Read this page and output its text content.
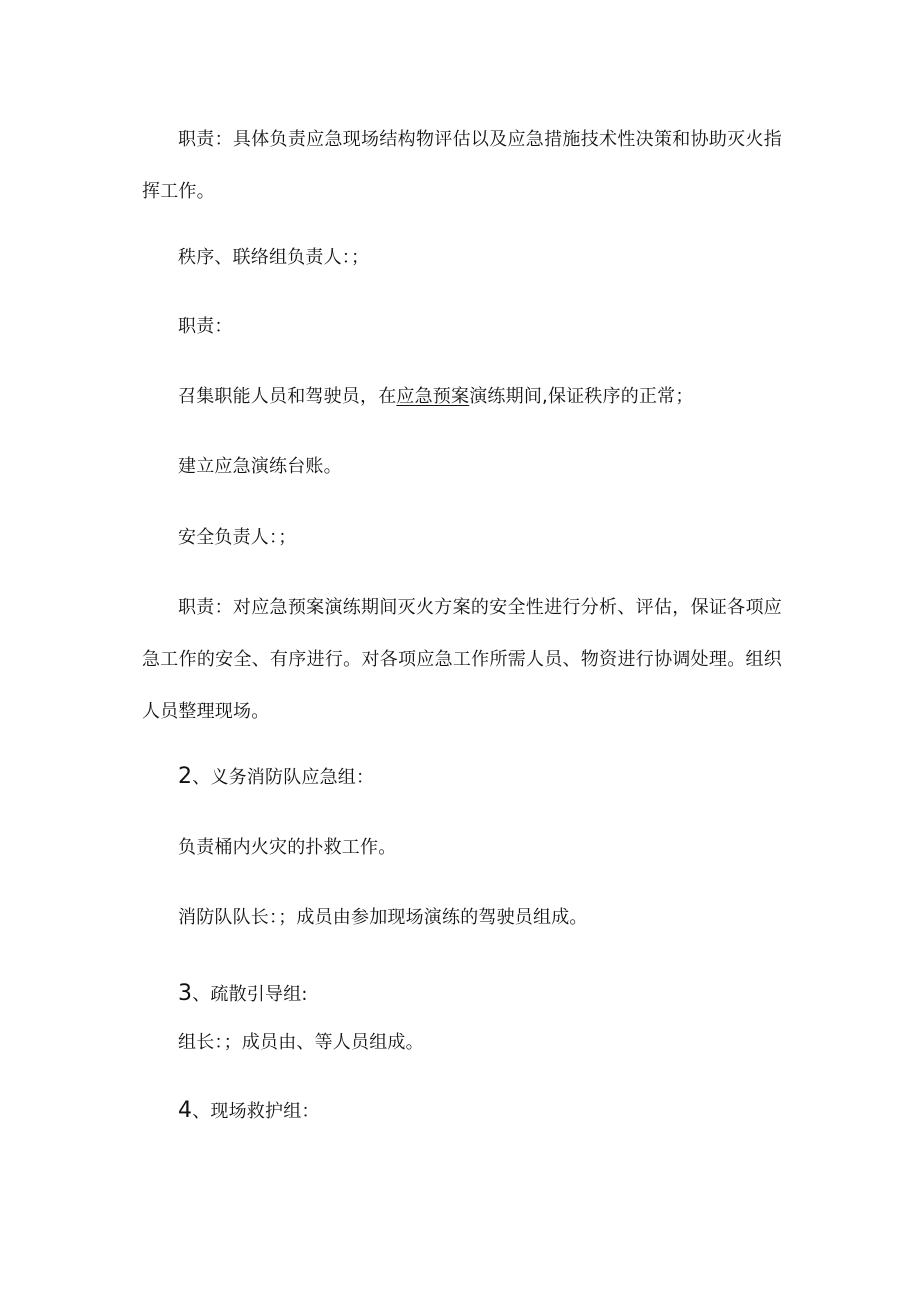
职责：具体负责应急现场结构物评估以及应急措施技术性决策和协助灭火指挥工作。
秩序、联络组负责人：；
职责：
召集职能人员和驾驶员，在应急预案演练期间,保证秩序的正常；
建立应急演练台账。
安全负责人：；
职责：对应急预案演练期间灭火方案的安全性进行分析、评估，保证各项应急工作的安全、有序进行。对各项应急工作所需人员、物资进行协调处理。组织人员整理现场。
2、义务消防队应急组：
负责桶内火灾的扑救工作。
消防队队长：；成员由参加现场演练的驾驶员组成。
3、疏散引导组:
组长：；成员由、等人员组成。
4、现场救护组：
